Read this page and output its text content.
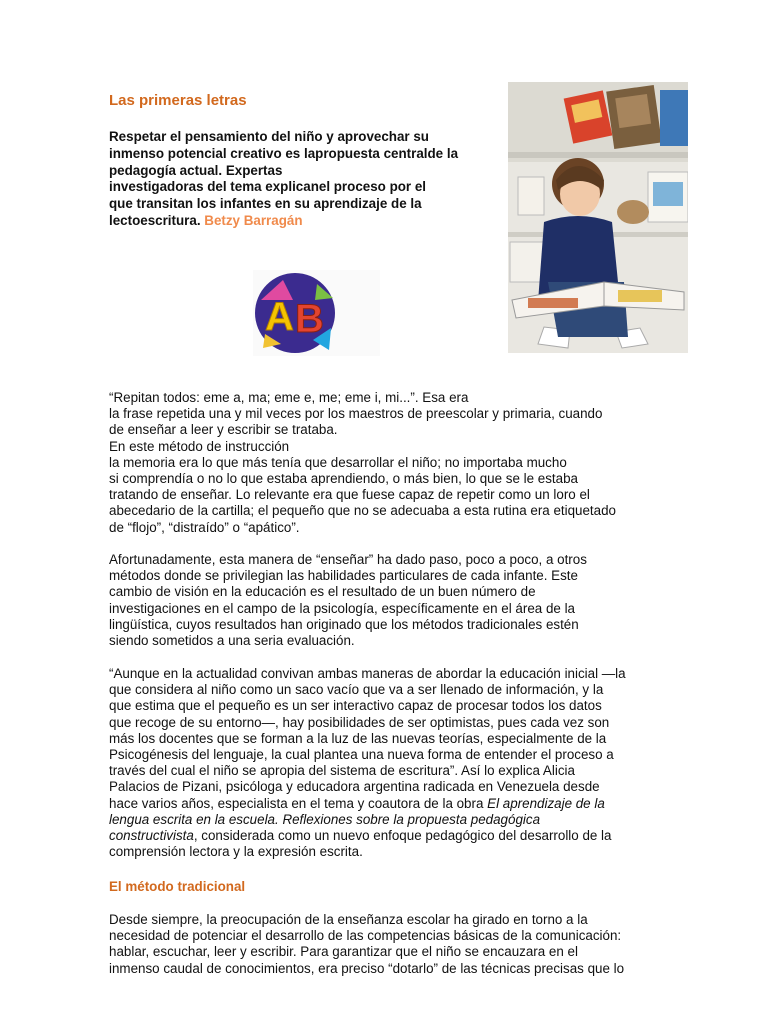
Las primeras letras

Respetar el pensamiento del niño y aprovechar su
inmenso potencial creativo es lapropuesta centralde la
pedagogía actual. Expertas
investigadoras del tema explicanel proceso por el
que transitan los infantes en su aprendizaje de la
lectoescritura. Betzy Barragán

A B

“Repitan todos: eme a, ma; eme e, me; eme i, mi...”. Esa era
la frase repetida una y mil veces por los maestros de preescolar y primaria, cuando
de enseñar a leer y escribir se trataba.
En este método de instrucción
la memoria era lo que más tenía que desarrollar el niño; no importaba mucho
si comprendía o no lo que estaba aprendiendo, o más bien, lo que se le estaba
tratando de enseñar. Lo relevante era que fuese capaz de repetir como un loro el
abecedario de la cartilla; el pequeño que no se adecuaba a esta rutina era etiquetado
de “flojo”, “distraído” o “apático”.

Afortunadamente, esta manera de “enseñar” ha dado paso, poco a poco, a otros
métodos donde se privilegian las habilidades particulares de cada infante. Este
cambio de visión en la educación es el resultado de un buen número de
investigaciones en el campo de la psicología, específicamente en el área de la
lingüística, cuyos resultados han originado que los métodos tradicionales estén
siendo sometidos a una seria evaluación.

“Aunque en la actualidad convivan ambas maneras de abordar la educación inicial —la
que considera al niño como un saco vacío que va a ser llenado de información, y la
que estima que el pequeño es un ser interactivo capaz de procesar todos los datos
que recoge de su entorno—, hay posibilidades de ser optimistas, pues cada vez son
más los docentes que se forman a la luz de las nuevas teorías, especialmente de la
Psicogénesis del lenguaje, la cual plantea una nueva forma de entender el proceso a
través del cual el niño se apropia del sistema de escritura”. Así lo explica Alicia
Palacios de Pizani, psicóloga y educadora argentina radicada en Venezuela desde
hace varios años, especialista en el tema y coautora de la obra El aprendizaje de la
lengua escrita en la escuela. Reflexiones sobre la propuesta pedagógica
constructivista, considerada como un nuevo enfoque pedagógico del desarrollo de la
comprensión lectora y la expresión escrita.

El método tradicional

Desde siempre, la preocupación de la enseñanza escolar ha girado en torno a la
necesidad de potenciar el desarrollo de las competencias básicas de la comunicación:
hablar, escuchar, leer y escribir. Para garantizar que el niño se encauzara en el
inmenso caudal de conocimientos, era preciso “dotarlo” de las técnicas precisas que lo
